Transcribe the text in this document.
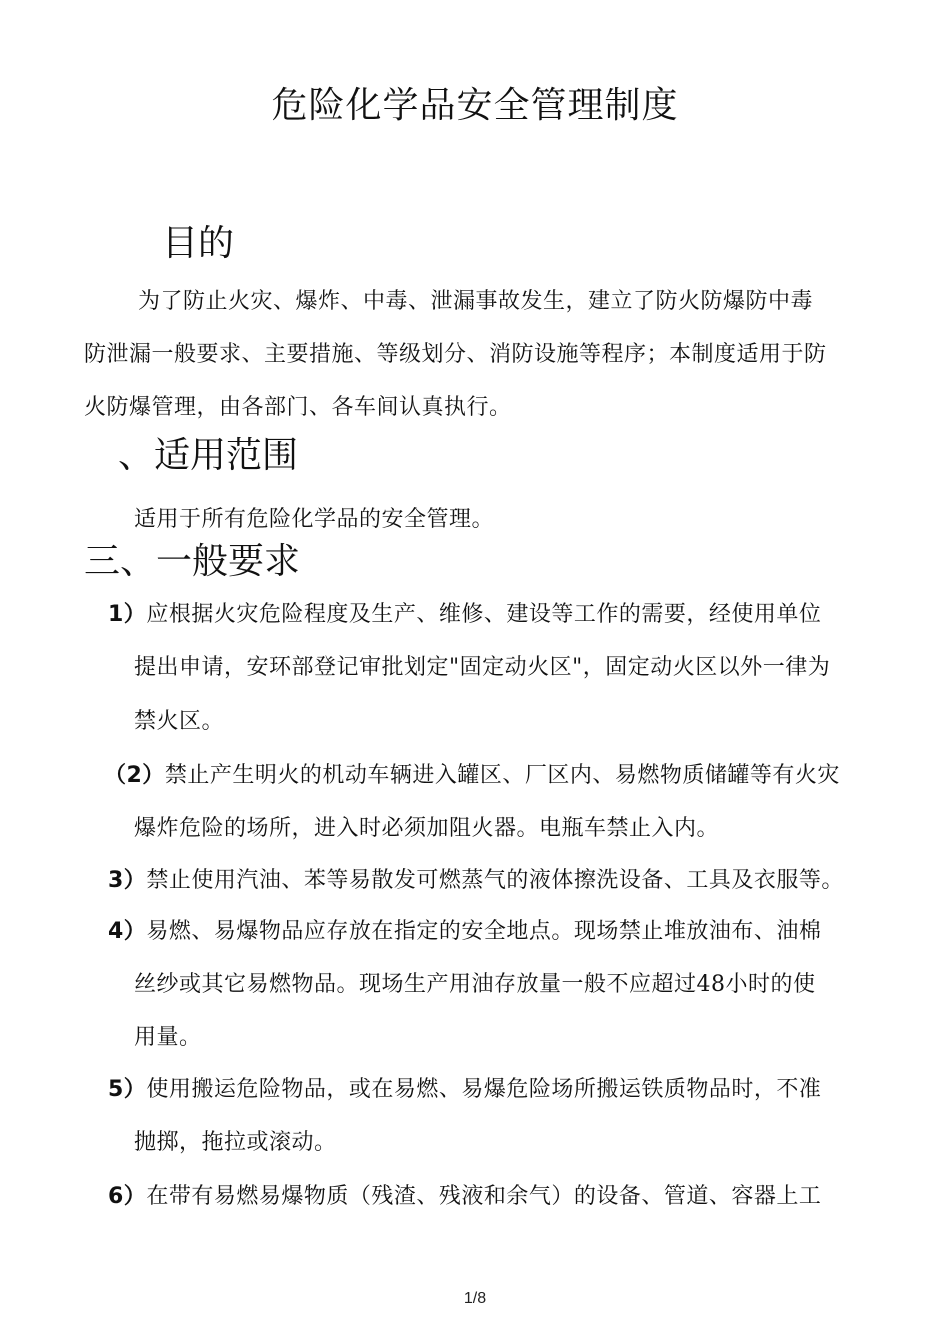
危险化学品安全管理制度
目的

为了防止火灾、爆炸、中毒、泄漏事故发生，建立了防火防爆防中毒

防泄漏一般要求、主要措施、等级划分、消防设施等程序；本制度适用于防

火防爆管理，由各部门、各车间认真执行。

、适用范围

适用于所有危险化学品的安全管理。

三、一般要求
1）应根据火灾危险程度及生产、维修、建设等工作的需要，经使用单位

提出申请，安环部登记审批划定"固定动火区"，固定动火区以外一律为

禁火区。

（2）禁止产生明火的机动车辆进入罐区、厂区内、易燃物质储罐等有火灾

爆炸危险的场所，进入时必须加阻火器。电瓶车禁止入内。

3）禁止使用汽油、苯等易散发可燃蒸气的液体擦洗设备、工具及衣服等。
4）易燃、易爆物品应存放在指定的安全地点。现场禁止堆放油布、油棉

丝纱或其它易燃物品。现场生产用油存放量一般不应超过48小时的使

用量。

5）使用搬运危险物品，或在易燃、易爆危险场所搬运铁质物品时，不准

抛掷，拖拉或滚动。

6）在带有易燃易爆物质（残渣、残液和余气）的设备、管道、容器上工
1/8
